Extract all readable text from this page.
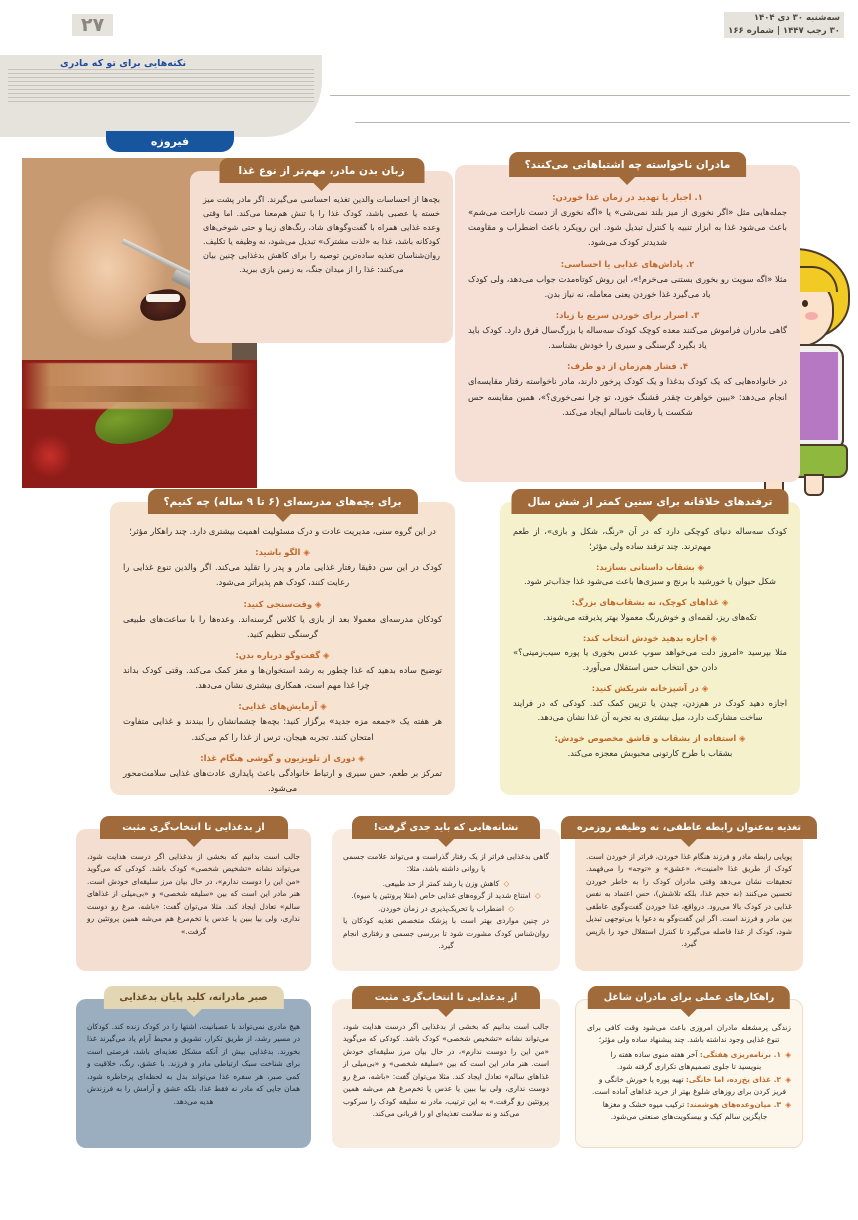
سه‌شنبه ۳۰ دی ۱۴۰۴
۳۰ رجب ۱۴۴۷ | شماره ۱۶۶
۲۷
نکته‌هایی برای تو که مادری
فیروزه
زبان بدن مادر، مهم‌تر از نوع غذا

بچه‌ها از احساسات والدین تغذیه احساسی می‌گیرند. اگر مادر پشت میز خسته یا عصبی باشد، کودک غذا را با تنش هم‌معنا می‌کند. اما وقتی وعده غذایی همراه با گفت‌وگوهای شاد، رنگ‌های زیبا و حتی شوخی‌های کودکانه باشد، غذا به «لذت مشترک» تبدیل می‌شود، نه وظیفه یا تکلیف. روان‌شناسان تغذیه ساده‌ترین توصیه را برای کاهش بدغذایی چنین بیان می‌کنند: غذا را از میدان جنگ، به زمین بازی ببرید.

مادران ناخواسته چه اشتباهاتی می‌کنند؟
۱. اجبار یا تهدید در زمان غذا خوردن:

جمله‌هایی مثل «اگر نخوری از میز بلند نمی‌شی» یا «اگه نخوری از دست ناراحت می‌شم» باعث می‌شود غذا به ابزار تنبیه یا کنترل تبدیل شود. این رویکرد باعث اضطراب و مقاومت شدیدتر کودک می‌شود.

۲. پاداش‌های غذایی یا احساسی:

مثلا «اگه سوپت رو بخوری بستنی می‌خرم!»، این روش کوتاه‌مدت جواب می‌دهد، ولی کودک یاد می‌گیرد غذا خوردن یعنی معامله، نه نیاز بدن.

۳. اصرار برای خوردن سریع یا زیاد:

گاهی مادران فراموش می‌کنند معده کوچک کودک سه‌ساله یا بزرگ‌سال فرق دارد. کودک باید یاد بگیرد گرسنگی و سیری را خودش بشناسد.

۴. فشار هم‌زمان از دو طرف:

در خانواده‌هایی که یک کودک بدغذا و یک کودک پرخور دارند، مادر ناخواسته رفتار مقایسه‌ای انجام می‌دهد: «ببین خواهرت چقدر قشنگ خورد، تو چرا نمی‌خوری؟»، همین مقایسه حس شکست یا رقابت ناسالم ایجاد می‌کند.

برای بچه‌های مدرسه‌ای (۶ تا ۹ ساله) چه کنیم؟

در این گروه سنی، مدیریت عادت و درک مسئولیت اهمیت بیشتری دارد. چند راهکار مؤثر؛

◈ الگو باشید:

کودک در این سن دقیقا رفتار غذایی مادر و پدر را تقلید می‌کند. اگر والدین تنوع غذایی را رعایت کنند، کودک هم پذیراتر می‌شود.

◈ وقت‌سنجی کنید:

کودکان مدرسه‌ای معمولا بعد از بازی یا کلاس گرسنه‌اند. وعده‌ها را با ساعت‌های طبیعی گرسنگی تنظیم کنید.

◈ گفت‌وگو درباره بدن:

توضیح ساده بدهید که غذا چطور به رشد استخوان‌ها و مغز کمک می‌کند. وقتی کودک بداند چرا غذا مهم است، همکاری بیشتری نشان می‌دهد.

◈ آزمایش‌های غذایی:

هر هفته یک «جمعه مزه جدید» برگزار کنید: بچه‌ها چشمانشان را ببندند و غذایی متفاوت امتحان کنند. تجربه هیجان، ترس از غذا را کم می‌کند.

◈ دوری از تلویزیون و گوشی هنگام غذا:

تمرکز بر طعم، حس سیری و ارتباط خانوادگی باعث پایداری عادت‌های غذایی سلامت‌محور می‌شود.

ترفندهای خلاقانه برای سنین کمتر از شش سال

کودک سه‌ساله دنیای کوچکی دارد که در آن «رنگ، شکل و بازی»، از طعم مهم‌ترند. چند ترفند ساده ولی مؤثر؛

◈ بشقاب داستانی بسازید:

شکل حیوان یا خورشید با برنج و سبزی‌ها باعث می‌شود غذا جذاب‌تر شود.

◈ غذاهای کوچک، نه بشقاب‌های بزرگ:

تکه‌های ریز، لقمه‌ای و خوش‌رنگ معمولا بهتر پذیرفته می‌شوند.

◈ اجازه بدهید خودش انتخاب کند:

مثلا بپرسید «امروز دلت می‌خواهد سوپ عدس بخوری یا پوره سیب‌زمینی؟» دادن حق انتخاب حس استقلال می‌آورد.

◈ در آشپزخانه شریکش کنید:

اجازه دهید کودک در هم‌زدن، چیدن یا تزیین کمک کند. کودکی که در فرایند ساخت مشارکت دارد، میل بیشتری به تجربه آن غذا نشان می‌دهد.

◈ استفاده از بشقاب و قاشق مخصوص خودش:

بشقاب با طرح کارتونی محبوبش معجزه می‌کند.

تغذیه به‌عنوان رابطه عاطفی، نه وظیفه روزمره

پویایی رابطه مادر و فرزند هنگام غذا خوردن، فراتر از خوردن است. کودک از طریق غذا «امنیت»، «عشق» و «توجه» را می‌فهمد. تحقیقات نشان می‌دهد وقتی مادران کودک را به خاطر خوردن تحسین می‌کنند (نه حجم غذا، بلکه تلاشش)، حس اعتماد به نفس غذایی در کودک بالا می‌رود. درواقع، غذا خوردن گفت‌وگوی عاطفی بین مادر و فرزند است. اگر این گفت‌وگو به دعوا یا بی‌توجهی تبدیل شود، کودک از غذا فاصله می‌گیرد تا کنترل استقلال خود را بازپس گیرد.

نشانه‌هایی که باید جدی گرفت!

گاهی بدغذایی فراتر از یک رفتار گذراست و می‌تواند علامت جسمی یا روانی داشته باشد، مثلا:

◇ کاهش وزن یا رشد کمتر از حد طبیعی.
◇ امتناع شدید از گروه‌های غذایی خاص (مثلا پروتئین یا میوه).
◇ اضطراب یا تحریک‌پذیری در زمان خوردن.

در چنین مواردی بهتر است با پزشک متخصص تغذیه کودکان یا روان‌شناس کودک مشورت شود تا بررسی جسمی و رفتاری انجام گیرد.

از بدغذایی تا انتخاب‌گری مثبت

جالب است بدانیم که بخشی از بدغذایی اگر درست هدایت شود، می‌تواند نشانه «تشخیص شخصی» کودک باشد. کودکی که می‌گوید «من این را دوست ندارم»، در حال بیان مرز سلیقه‌ای خودش است. هنر مادر این است که بین «سلیقه شخصی» و «بی‌میلی از غذاهای سالم» تعادل ایجاد کند. مثلا می‌توان گفت: «باشه، مرغ رو دوست نداری، ولی بیا ببین یا عدس یا تخم‌مرغ هم می‌شه همین پروتئین رو گرفت.»

راهکارهای عملی برای مادران شاغل

زندگی پرمشغله مادران امروزی باعث می‌شود وقت کافی برای تنوع غذایی وجود نداشته باشد. چند پیشنهاد ساده ولی مؤثر؛

◈ ۱. برنامه‌ریزی هفتگی: آخر هفته منوی ساده هفته را بنویسید تا جلوی تصمیم‌های تکراری گرفته شود.
◈ ۲. غذای یخ‌زده، اما خانگی: تهیه پوره یا خورش خانگی و فریز کردن برای روزهای شلوغ بهتر از خرید غذاهای آماده است.
◈ ۳. میان‌وعده‌های هوشمند: ترکیب میوه خشک و مغزها جایگزین سالم کیک و بیسکویت‌های صنعتی می‌شود.
از بدغذایی تا انتخاب‌گری مثبت

جالب است بدانیم که بخشی از بدغذایی اگر درست هدایت شود، می‌تواند نشانه «تشخیص شخصی» کودک باشد. کودکی که می‌گوید «من این را دوست ندارم»، در حال بیان مرز سلیقه‌ای خودش است. هنر مادر این است که بین «سلیقه شخصی» و «بی‌میلی از غذاهای سالم» تعادل ایجاد کند. مثلا می‌توان گفت: «باشه، مرغ رو دوست نداری، ولی بیا ببین یا عدس یا تخم‌مرغ هم می‌شه همین پروتئین رو گرفت.» به این ترتیب، مادر نه سلیقه کودک را سرکوب می‌کند و نه سلامت تغذیه‌ای او را قربانی می‌کند.

صبر مادرانه، کلید پایان بدغذایی

هیچ مادری نمی‌تواند با عصبانیت، اشتها را در کودک زنده کند. کودکان در مسیر رشد، از طریق تکرار، تشویق و محیط آرام یاد می‌گیرند غذا بخورند. بدغذایی بیش از آنکه مشکل تغذیه‌ای باشد، فرصتی است برای شناخت سبک ارتباطی مادر و فرزند. با عشق، رنگ، خلاقیت و کمی صبر، هر سفره غذا می‌تواند بدل به لحظه‌ای پرخاطره شود، همان جایی که مادر نه فقط غذا، بلکه عشق و آرامش را به فرزندش هدیه می‌دهد.
